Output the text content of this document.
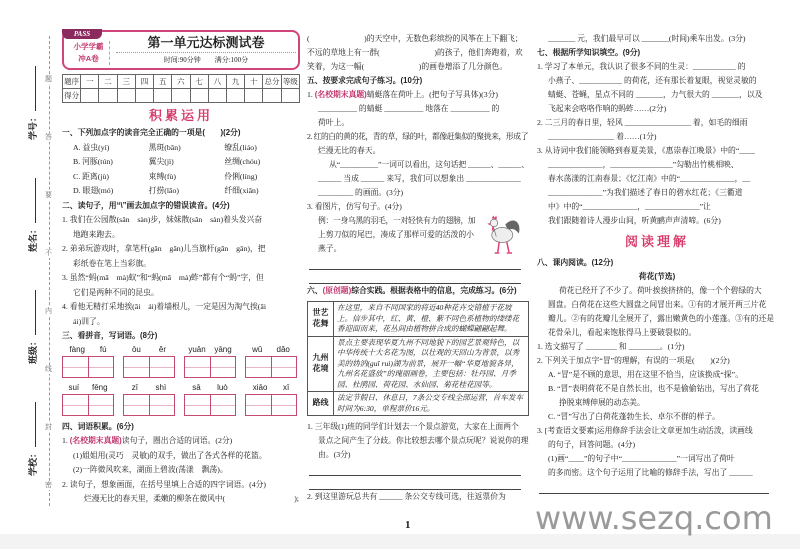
题
答
要
不
内
线
封
密
学号：
姓名：
班级：
学校：
PASS
小学学霸
冲A卷
第一单元达标测试卷
时间:90分钟　　满分:100分
题序	一	二	三	四	五	六	七	八	九	十	总分	等级
得分												
积累运用
一、下列加点字的读音完全正确的一项是(　　)(2分)
A. 益虫(yì)	黑斑(bān)	缭乱(liáo)
B. 河豚(tún)	翼尖(jì)	丝绸(chóu)
C. 距离(jù)	束缚(fù)	伶俐(líng)
D. 眼翅(mó)	打捞(lāo)	纤细(xiān)
二、读句子，用“\”画去加点字的错误读音。(4分)
1. 我们在公园散(sǎn　sàn)步，妹妹散(sǎn　sàn)着头发兴奋
地跑来跑去。
2. 弟弟玩游戏时，拿笔杆(gān　gǎn)儿当旗杆(gān　gǎn)，把
彩纸卷在笔上当彩旗。
3. 虽然“蚂(mā　mà)蚁”和“蚂(mā　mà)蚱”都有个“蚂”字，但
它们是两种不同的昆虫。
4. 看他无精打采地挨(āi　ái)着墙根儿，一定是因为淘气挨(āi
ái)训了。
三、看拼音，写词语。(8分)
fàng fú	ōu ěr	yuān yāng	wǔ dǎo
suí fēng	zī shì	sā luò	xiāo xī
四、词语积累。(6分)
1. (名校期末真题)读句子，圈出合适的词语。(2分)
(1)姐姐用(灵巧　灵敏)的双手，做出了各式各样的花篮。
(2)一阵微风吹来，湖面上碧波(荡漾　飘荡)。
2. 读句子，想象画面，在括号里填上合适的四字词语。(4分)
烂漫无比的春天里，柔嫩的柳条在微风中(　　　　　　　　　);
(　　　　　　　)的天空中，无数色彩缤纷的风筝在上下翻飞；
不远的草地上有一群(　　　　　　　)的孩子，他们奔跑着，欢
笑着，为这一幅(　　　　　　　)的画卷增添了几分颜色。
五、按要求完成句子练习。(10分)
1. (名校期末真题)蜻蜓落在荷叶上。(把句子写具体)(3分)
__________ 的蜻蜓 __________ 地落在 __________ 的
荷叶上。
2. 红的白的黄的花，青的草，绿的叶，都像赶集似的聚拢来，形成了
烂漫无比的春天。
从“__________”一词可以看出，这句话把 ______、______、
______ 当成 ______ 来写，我们可以想象出 ______________
_________ 的画面。(3分)
3. 看图片，仿写句子。(4分)
例：一身乌黑的羽毛，一对轻快有力的翅膀，加
上剪刀似的尾巴，凑成了那样可爱的活泼的小
燕子。
六、(原创题)综合实践。根据表格中的信息，完成练习。(6分)
世艺花舞	在这里，来自不同国家的将近40种花卉交错植于花坡上。信步其中，红、黄、橙、紫不同色系植物的缕缕花香迎面而来，花丛间由植物拼合成的蝴蝶翩翩起舞。
九州花境	景点主要表现华夏九州不同地貌下的园艺景观特色，以中华传统十大名花为图，以壮观的天回山为背景，以秀美的妫汭(guī ruì)湖为前景，展开一幅“华夏地貌各异，九州名花盛放”的瑰丽画卷，主要包括：牡丹园、月季园、杜鹃园、荷花园、水仙园、菊花桂花园等。
路线	法定节假日、休息日，7条公交专线全部运营，首车发车时间为6:30，单程票价16元。
1. 三年级(1)班的同学们计划去一个景点游览，大家在上面两个
景点之间产生了分歧。你比较想去哪个景点玩呢？说说你的理
由。(3分)
2. 到这里游玩总共有 ______ 条公交专线可选，往返票价为
_______ 元，我们最早可以 _______(时间)乘车出发。(3分)
七、根据所学知识填空。(9分)
1. 学习了本单元，我认识了很多不同的生灵：___________ 的
小燕子、___________ 的荷花，还有那长着复眼，视觉灵敏的
蜻蜓、苍蝇，星点不同的 _______，力气很大的 _______，以及
飞起来会咯咯作响的蚂蚱……(2分)
2. 二三月的春日里，轻风 _________________ 着，如毛的细雨
_________________ 着……(1分)
3. 从诗词中我们能领略到春夏美景，《惠崇春江晚景》中的“____
______________，________________”勾勒出竹桃相映、
春水荡漾的江南春景；《忆江南》中的“______________，__
______________”为我们描述了春日的碧水红花；《三衢道
中》中的“______________，______________”让
我们跟随着诗人漫步山间，听黄鹂声声清啼。(6分)
阅读理解
八、课内阅读。(12分)
荷花(节选)
荷花已经开了不少了。荷叶挨挨挤挤的，像一个个碧绿的大
圆盘。白荷花在这些大圆盘之间冒出来。①有的才展开两三片花
瓣儿。②有的花瓣儿全展开了，露出嫩黄色的小莲蓬。③有的还是
花骨朵儿，看起来饱胀得马上要破裂似的。
1. 选文描写了 ________ 和 ________。(1分)
2. 下列关于加点字“冒”的理解，有误的一项是(　　)(2分)
A. “冒”是不顾的意思，用在这里不恰当，应该换成“探”。
B. “冒”表明荷花不是自然长出，也不是偷偷钻出，写出了荷花
挣脱束缚伸展的动态美。
C. “冒”写出了白荷花蓬勃生长、卓尔不群的样子。
3. [考查语文要素]运用修辞手法会让文章更加生动活泼，读画线
的句子，回答问题。(4分)
(1)画“____”的句子中“______________”一词写出了荷叶
的多而密。这个句子运用了比喻的修辞手法，写出了 ______
1	www.sezq.com
